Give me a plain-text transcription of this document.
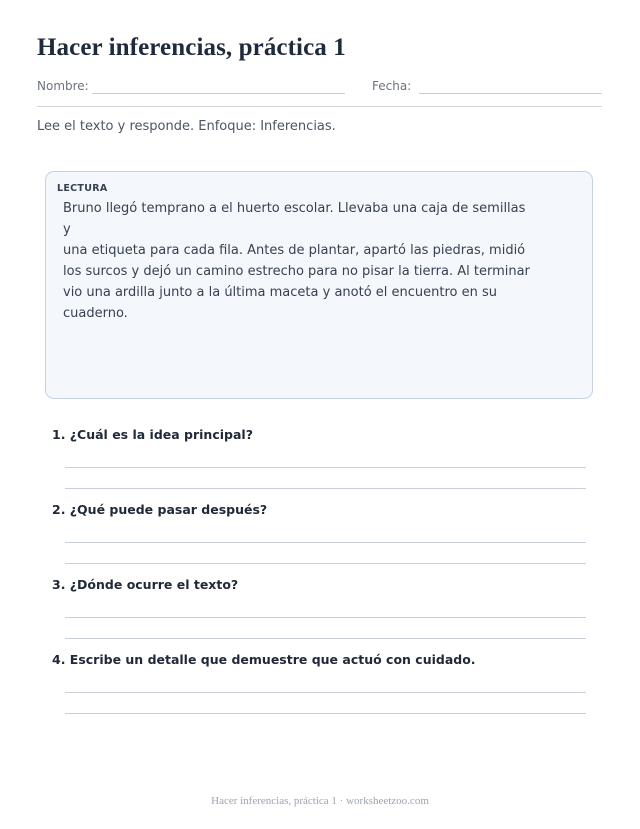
Hacer inferencias, práctica 1
Nombre:	Fecha:
Lee el texto y responde. Enfoque: Inferencias.
LECTURA
Bruno llegó temprano a el huerto escolar. Llevaba una caja de semillas y
una etiqueta para cada fila. Antes de plantar, apartó las piedras, midió
los surcos y dejó un camino estrecho para no pisar la tierra. Al terminar
vio una ardilla junto a la última maceta y anotó el encuentro en su
cuaderno.
1. ¿Cuál es la idea principal?
2. ¿Qué puede pasar después?
3. ¿Dónde ocurre el texto?
4. Escribe un detalle que demuestre que actuó con cuidado.
Hacer inferencias, práctica 1 · worksheetzoo.com
